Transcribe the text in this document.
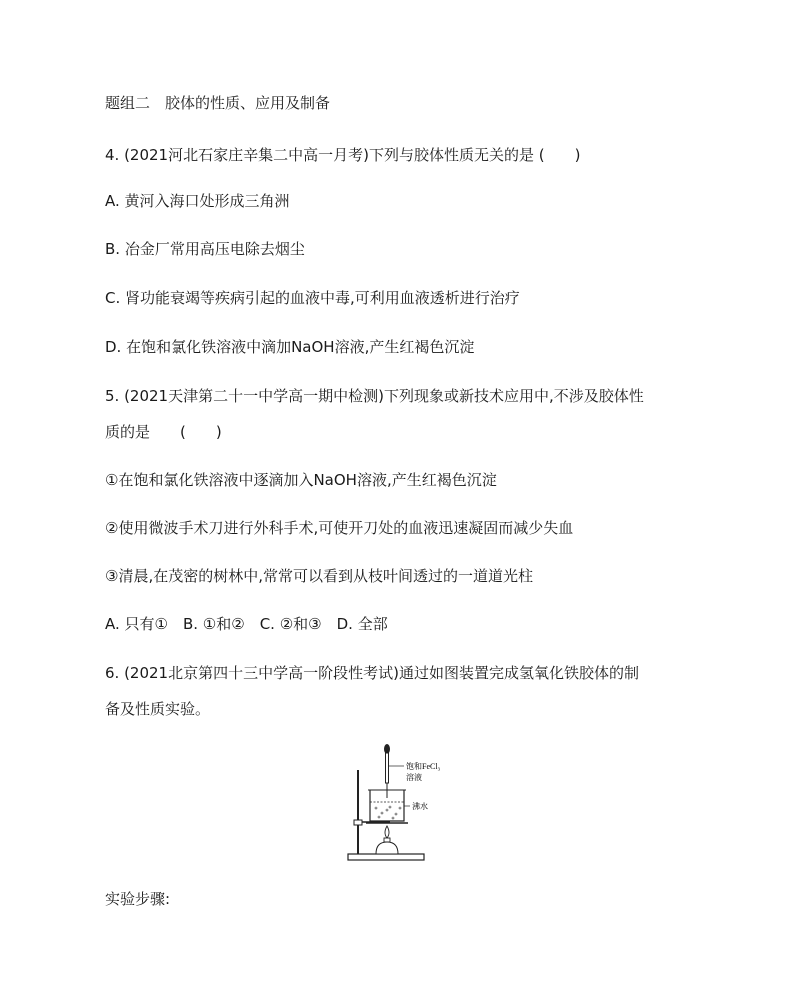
题组二　胶体的性质、应用及制备
4. (2021河北石家庄辛集二中高一月考)下列与胶体性质无关的是 (　　)
A. 黄河入海口处形成三角洲
B. 冶金厂常用高压电除去烟尘
C. 肾功能衰竭等疾病引起的血液中毒,可利用血液透析进行治疗
D. 在饱和氯化铁溶液中滴加NaOH溶液,产生红褐色沉淀
5. (2021天津第二十一中学高一期中检测)下列现象或新技术应用中,不涉及胶体性
质的是　　(　　)
①在饱和氯化铁溶液中逐滴加入NaOH溶液,产生红褐色沉淀
②使用微波手术刀进行外科手术,可使开刀处的血液迅速凝固而减少失血
③清晨,在茂密的树林中,常常可以看到从枝叶间透过的一道道光柱
A. 只有①　B. ①和②　C. ②和③　D. 全部
6. (2021北京第四十三中学高一阶段性考试)通过如图装置完成氢氧化铁胶体的制
备及性质实验。
饱和FeCl₃
溶液
沸水
实验步骤:
